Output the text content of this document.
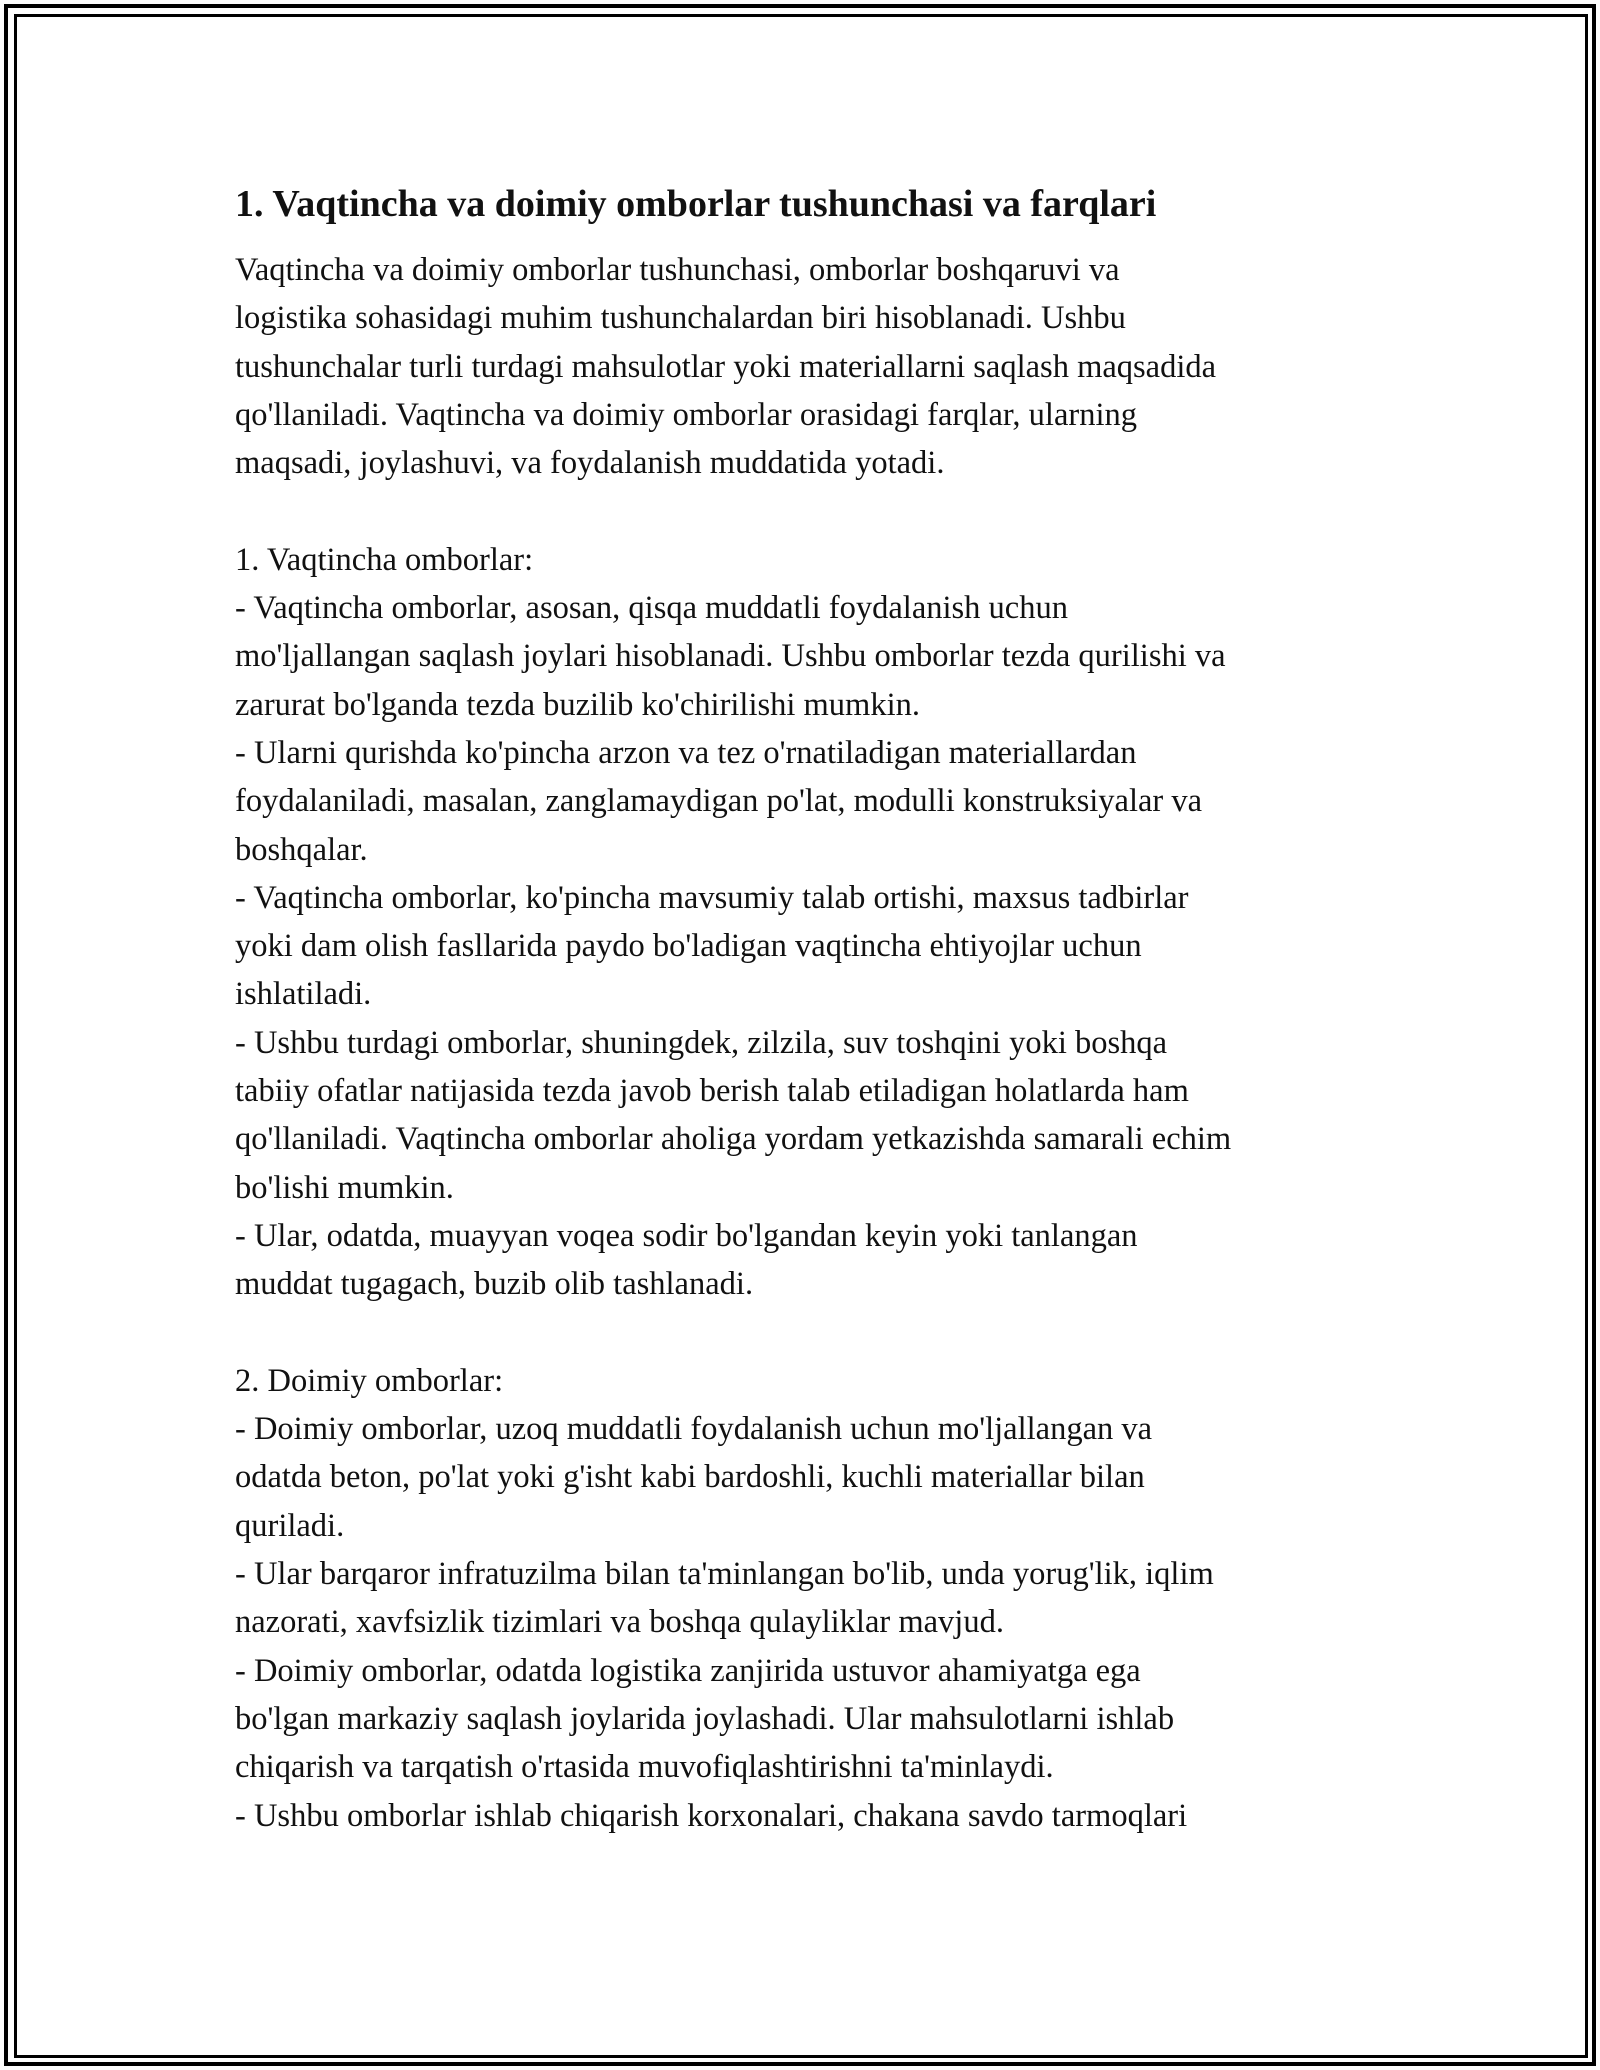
1. Vaqtincha va doimiy omborlar tushunchasi va farqlari

Vaqtincha va doimiy omborlar tushunchasi, omborlar boshqaruvi va
logistika sohasidagi muhim tushunchalardan biri hisoblanadi. Ushbu
tushunchalar turli turdagi mahsulotlar yoki materiallarni saqlash maqsadida
qo'llaniladi. Vaqtincha va doimiy omborlar orasidagi farqlar, ularning
maqsadi, joylashuvi, va foydalanish muddatida yotadi.

1. Vaqtincha omborlar:

- Vaqtincha omborlar, asosan, qisqa muddatli foydalanish uchun
mo'ljallangan saqlash joylari hisoblanadi. Ushbu omborlar tezda qurilishi va
zarurat bo'lganda tezda buzilib ko'chirilishi mumkin.

- Ularni qurishda ko'pincha arzon va tez o'rnatiladigan materiallardan
foydalaniladi, masalan, zanglamaydigan po'lat, modulli konstruksiyalar va
boshqalar.

- Vaqtincha omborlar, ko'pincha mavsumiy talab ortishi, maxsus tadbirlar
yoki dam olish fasllarida paydo bo'ladigan vaqtincha ehtiyojlar uchun
ishlatiladi.

- Ushbu turdagi omborlar, shuningdek, zilzila, suv toshqini yoki boshqa
tabiiy ofatlar natijasida tezda javob berish talab etiladigan holatlarda ham
qo'llaniladi. Vaqtincha omborlar aholiga yordam yetkazishda samarali echim
bo'lishi mumkin.

- Ular, odatda, muayyan voqea sodir bo'lgandan keyin yoki tanlangan
muddat tugagach, buzib olib tashlanadi.

2. Doimiy omborlar:

- Doimiy omborlar, uzoq muddatli foydalanish uchun mo'ljallangan va
odatda beton, po'lat yoki g'isht kabi bardoshli, kuchli materiallar bilan
quriladi.

- Ular barqaror infratuzilma bilan ta'minlangan bo'lib, unda yorug'lik, iqlim
nazorati, xavfsizlik tizimlari va boshqa qulayliklar mavjud.

- Doimiy omborlar, odatda logistika zanjirida ustuvor ahamiyatga ega
bo'lgan markaziy saqlash joylarida joylashadi. Ular mahsulotlarni ishlab
chiqarish va tarqatish o'rtasida muvofiqlashtirishni ta'minlaydi.

- Ushbu omborlar ishlab chiqarish korxonalari, chakana savdo tarmoqlari
